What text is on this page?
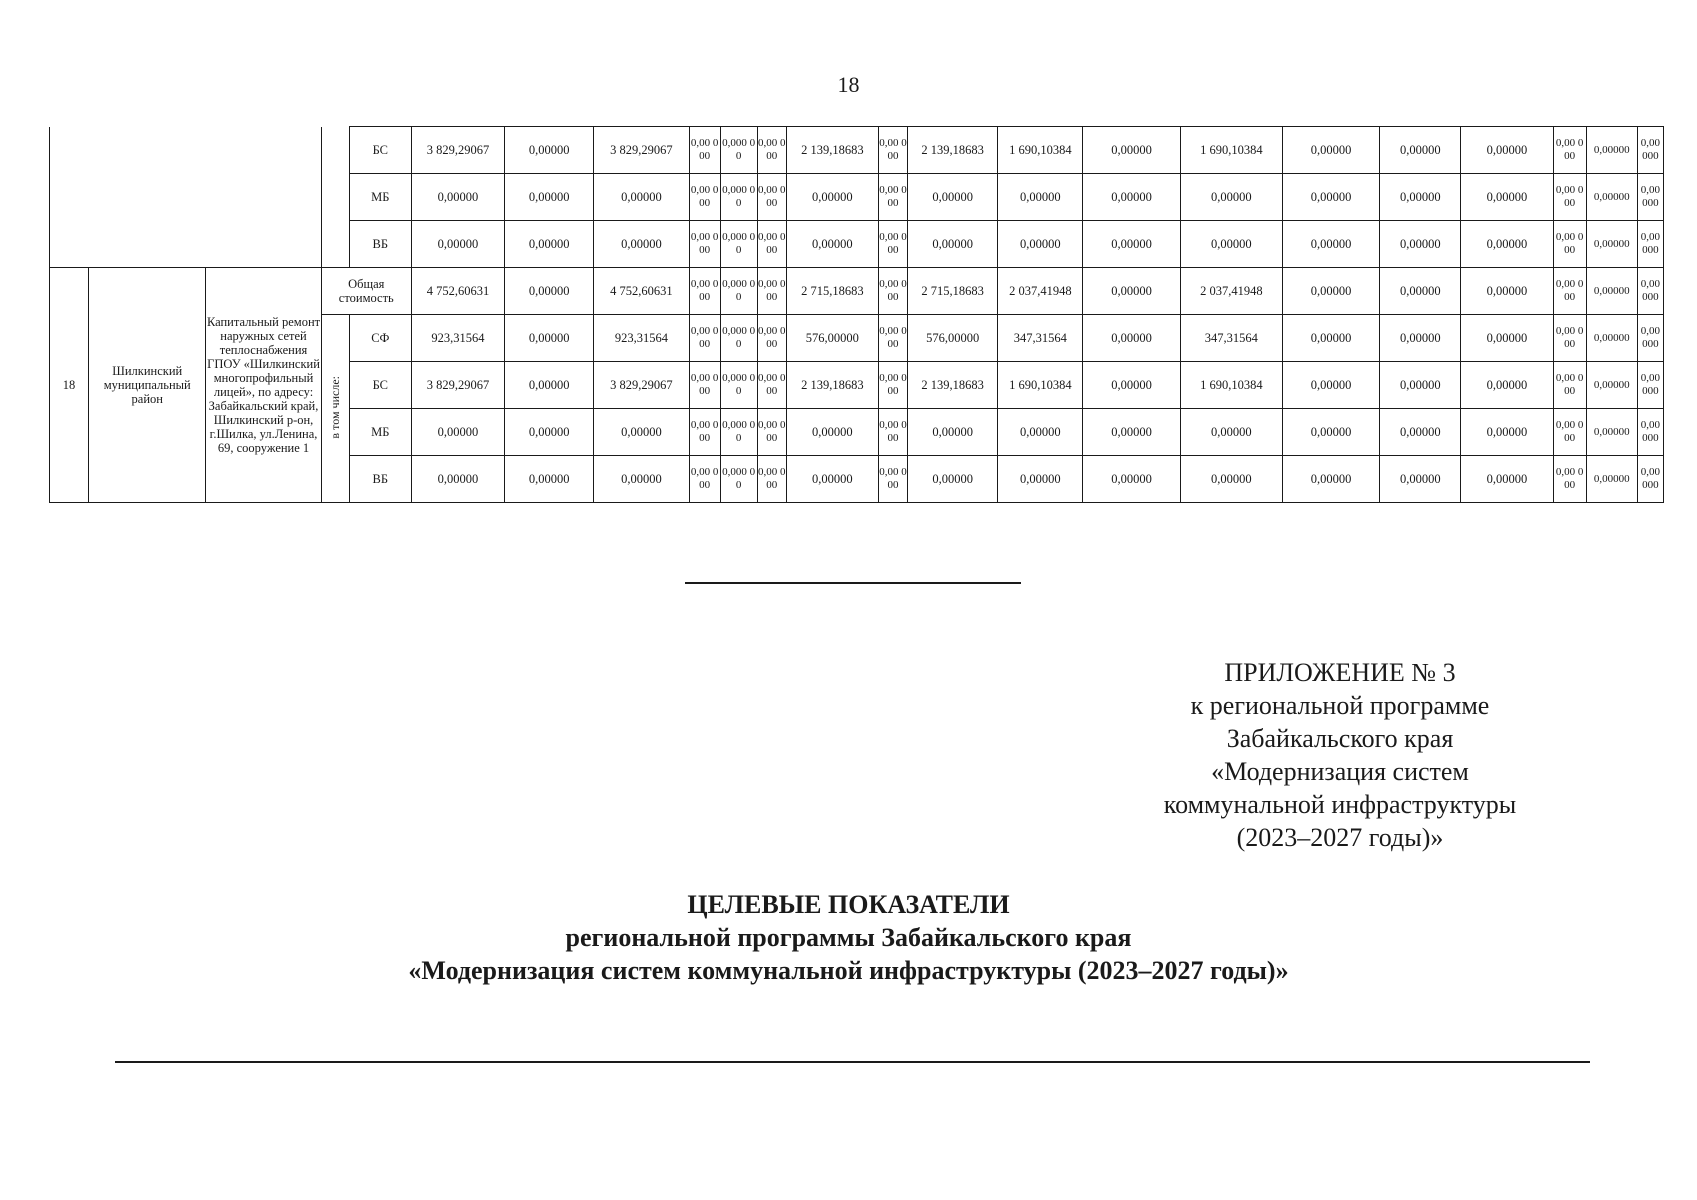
18
				БС	3 829,29067	0,00000	3 829,29067	0,00 000	0,000 00	0,00 000	2 139,18683	0,00 000	2 139,18683	1 690,10384	0,00000	1 690,10384	0,00000	0,00000	0,00000	0,00 000	0,00000	0,00 000
				МБ	0,00000	0,00000	0,00000	0,00 000	0,000 00	0,00 000	0,00000	0,00 000	0,00000	0,00000	0,00000	0,00000	0,00000	0,00000	0,00000	0,00 000	0,00000	0,00 000
				ВБ	0,00000	0,00000	0,00000	0,00 000	0,000 00	0,00 000	0,00000	0,00 000	0,00000	0,00000	0,00000	0,00000	0,00000	0,00000	0,00000	0,00 000	0,00000	0,00 000
18	Шилкинский муниципальный район	Капитальный ремонт наружных сетей теплоснабжения ГПОУ «Шилкинский многопрофильный лицей», по адресу: Забайкальский край, Шилкинский р-он, г.Шилка, ул.Ленина, 69, сооружение 1	Общая стоимость		4 752,60631	0,00000	4 752,60631	0,00 000	0,000 00	0,00 000	2 715,18683	0,00 000	2 715,18683	2 037,41948	0,00000	2 037,41948	0,00000	0,00000	0,00000	0,00 000	0,00000	0,00 000
			в том числе:	СФ	923,31564	0,00000	923,31564	0,00 000	0,000 00	0,00 000	576,00000	0,00 000	576,00000	347,31564	0,00000	347,31564	0,00000	0,00000	0,00000	0,00 000	0,00000	0,00 000
				БС	3 829,29067	0,00000	3 829,29067	0,00 000	0,000 00	0,00 000	2 139,18683	0,00 000	2 139,18683	1 690,10384	0,00000	1 690,10384	0,00000	0,00000	0,00000	0,00 000	0,00000	0,00 000
				МБ	0,00000	0,00000	0,00000	0,00 000	0,000 00	0,00 000	0,00000	0,00 000	0,00000	0,00000	0,00000	0,00000	0,00000	0,00000	0,00000	0,00 000	0,00000	0,00 000
				ВБ	0,00000	0,00000	0,00000	0,00 000	0,000 00	0,00 000	0,00000	0,00 000	0,00000	0,00000	0,00000	0,00000	0,00000	0,00000	0,00000	0,00 000	0,00000	0,00 000
ПРИЛОЖЕНИЕ № 3
к региональной программе
Забайкальского края
«Модернизация систем
коммунальной инфраструктуры
(2023–2027 годы)»
ЦЕЛЕВЫЕ ПОКАЗАТЕЛИ
региональной программы Забайкальского края
«Модернизация систем коммунальной инфраструктуры (2023–2027 годы)»
